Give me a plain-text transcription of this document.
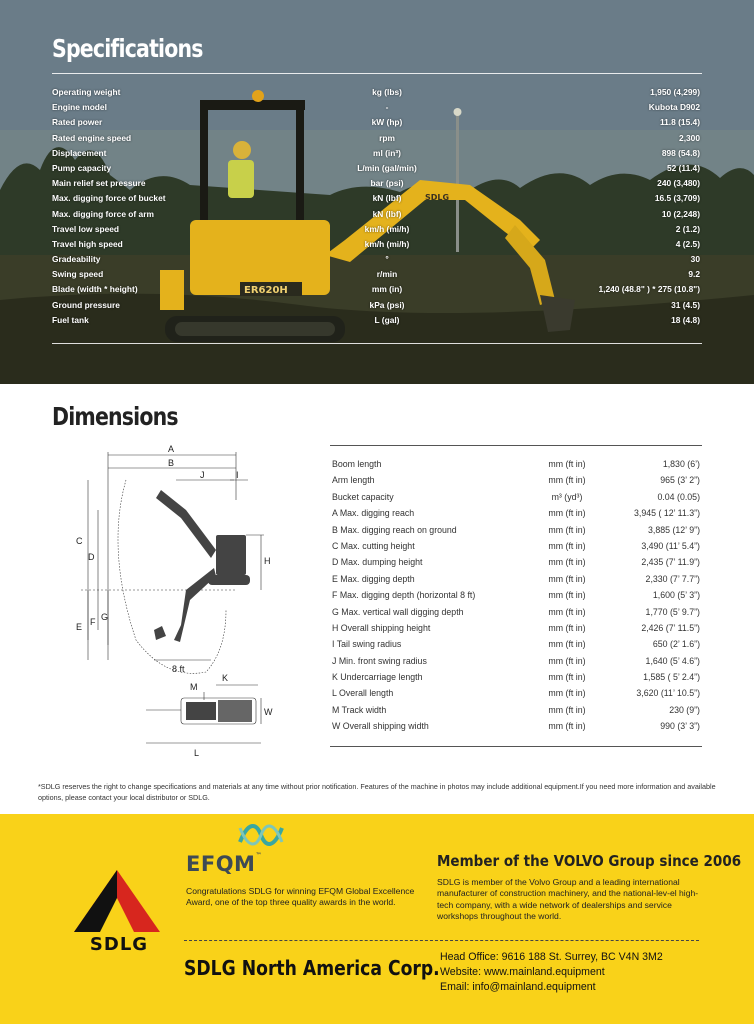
ER620H
SDLG
Specifications
Operating weight	kg (lbs)	1,950 (4,299)
Engine model	-	Kubota D902
Rated power	kW (hp)	11.8 (15.4)
Rated engine speed	rpm	2,300
Displacement	ml (in³)	898 (54.8)
Pump capacity	L/min (gal/min)	52 (11.4)
Main relief set pressure	bar (psi)	240 (3,480)
Max. digging force of bucket	kN (lbf)	16.5 (3,709)
Max. digging force of arm	kN (lbf)	10 (2,248)
Travel low speed	km/h (mi/h)	2 (1.2)
Travel high speed	km/h (mi/h)	4 (2.5)
Gradeability	°	30
Swing speed	r/min	9.2
Blade (width * height)	mm (in)	1,240 (48.8" ) * 275 (10.8")
Ground pressure	kPa (psi)	31 (4.5)
Fuel tank	L (gal)	18 (4.8)
Dimensions
A
B
J	I
C
D	H
E F G
8 ft
K
M
W
L
Boom length	mm (ft in)	1,830 (6’)
Arm length	mm (ft in)	965 (3’ 2”)
Bucket capacity	m³ (yd³)	0.04 (0.05)
A Max. digging reach	mm (ft in)	3,945 ( 12’ 11.3”)
B Max. digging reach on ground	mm (ft in)	3,885 (12’ 9”)
C Max. cutting height	mm (ft in)	3,490 (11’ 5.4”)
D Max. dumping height	mm (ft in)	2,435 (7’ 11.9”)
E Max. digging depth	mm (ft in)	2,330 (7’ 7.7”)
F Max. digging depth (horizontal 8 ft)	mm (ft in)	1,600 (5’ 3”)
G Max. vertical wall digging depth	mm (ft in)	1,770 (5’ 9.7”)
H Overall shipping height	mm (ft in)	2,426 (7’ 11.5”)
I Tail swing radius	mm (ft in)	650 (2’ 1.6”)
J Min. front swing radius	mm (ft in)	1,640 (5’ 4.6”)
K Undercarriage length	mm (ft in)	1,585 ( 5’ 2.4”)
L Overall length	mm (ft in)	3,620 (11’ 10.5”)
M Track width	mm (ft in)	230 (9”)
W Overall shipping width	mm (ft in)	990 (3’ 3”)

*SDLG reserves the right to change specifications and materials at any time without prior notification. Features of the machine in photos may include additional equipment.If you need more information and available options, please contact your local distributor or SDLG.

SDLG
EFQM™

Congratulations SDLG for winning EFQM Global Excellence Award, one of the top three quality awards in the world.

Member of the VOLVO Group since 2006

SDLG is member of the Volvo Group and a leading international manufacturer of construction machinery, and the national-lev-el high-tech company, with a wide network of dealerships and service workshops throughout the world.

SDLG North America Corp. Head Office: 9616 188 St. Surrey, BC V4N 3M2
Website: www.mainland.equipment
Email: info@mainland.equipment
